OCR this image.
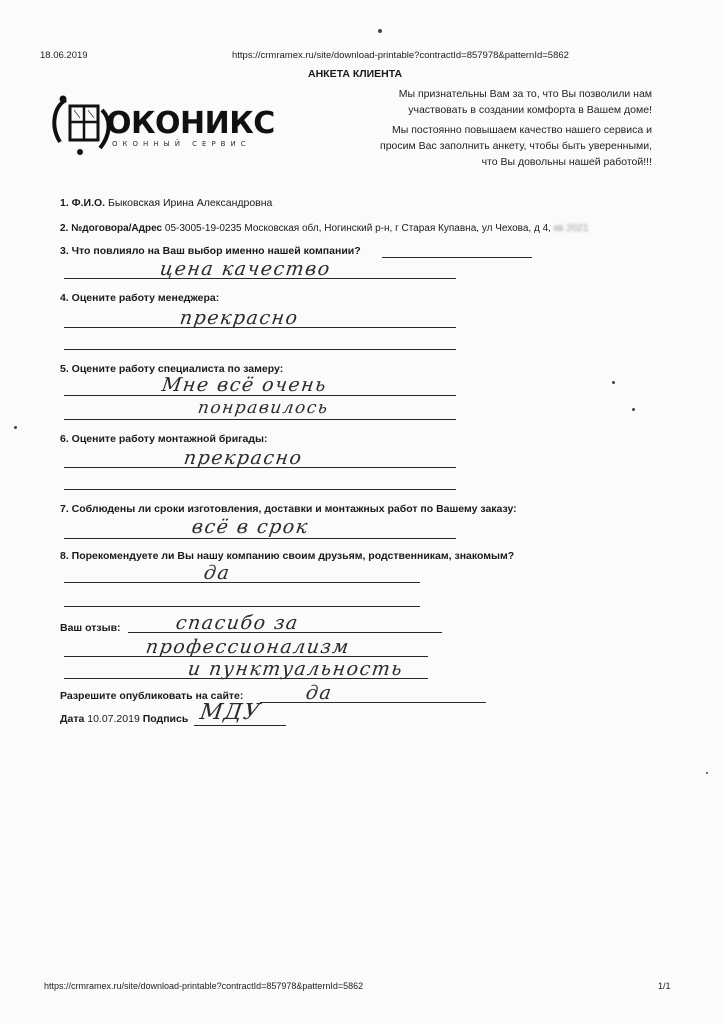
18.06.2019	https://crmramex.ru/site/download-printable?contractId=857978&patternId=5862
АНКЕТА КЛИЕНТА
ОКОНИКС
ОКОННЫЙ СЕРВИС
Мы признательны Вам за то, что Вы позволили нам
участвовать в создании комфорта в Вашем доме!
Мы постоянно повышаем качество нашего сервиса и
просим Вас заполнить анкету, чтобы быть уверенными,
что Вы довольны нашей работой!!!
1. Ф.И.О. Быковская Ирина Александровна
2. №договора/Адрес 05-3005-19-0235 Московская обл, Ногинский р-н, г Старая Купавна, ул Чехова, д 4, кв 2021
3. Что повлияло на Ваш выбор именно нашей компании?
цена качество
4. Оцените работу менеджера:
прекрасно
5. Оцените работу специалиста по замеру:
Мне всё очень
понравилось
6. Оцените работу монтажной бригады:
прекрасно
7. Соблюдены ли сроки изготовления, доставки и монтажных работ по Вашему заказу:
всё в срок
8. Порекомендуете ли Вы нашу компанию своим друзьям, родственникам, знакомым?
да
Ваш отзыв:	спасибо за
профессионализм
и пунктуальность
Разрешите опубликовать на сайте:	да
Дата 10.07.2019 Подпись МДУ
https://crmramex.ru/site/download-printable?contractId=857978&patternId=5862	1/1
